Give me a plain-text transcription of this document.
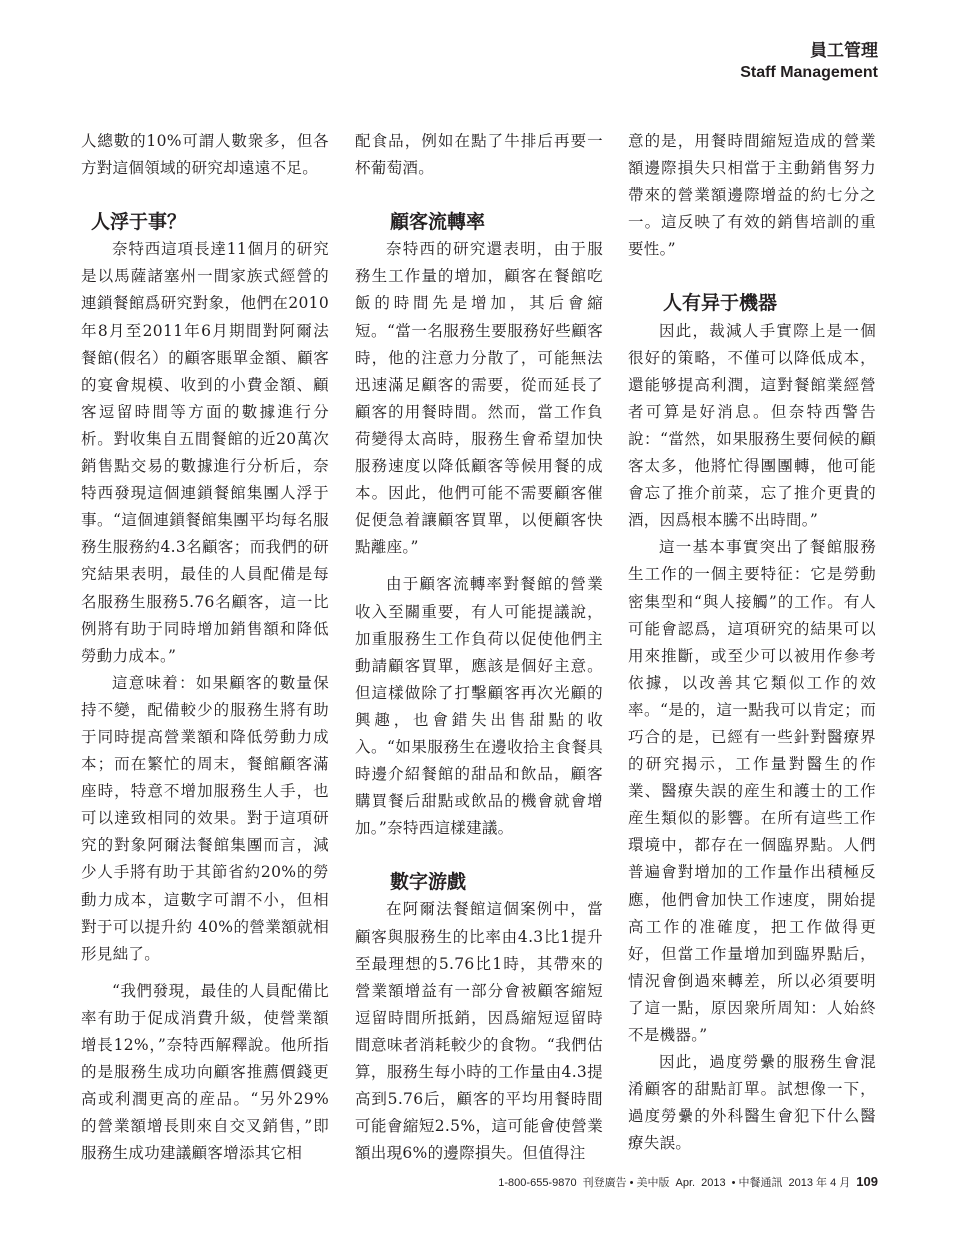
員工管理
Staff Management

人總數的10%可謂人數衆多，但各方對這個領域的研究却遠遠不足。

人浮于事？

奈特西這項長達11個月的研究是以馬薩諸塞州一間家族式經營的連鎖餐館爲研究對象，他們在2010年8月至2011年6月期間對阿爾法餐館(假名）的顧客賬單金額、顧客的宴會規模、收到的小費金額、顧客逗留時間等方面的數據進行分析。對收集自五間餐館的近20萬次銷售點交易的數據進行分析后，奈特西發現這個連鎖餐館集團人浮于事。“這個連鎖餐館集團平均每名服務生服務約4.3名顧客；而我們的研究結果表明，最佳的人員配備是每名服務生服務5.76名顧客，這一比例將有助于同時增加銷售額和降低勞動力成本。”

這意味着：如果顧客的數量保持不變，配備較少的服務生將有助于同時提高營業額和降低勞動力成本；而在繁忙的周末，餐館顧客滿座時，特意不增加服務生人手，也可以達致相同的效果。對于這項研究的對象阿爾法餐館集團而言，減少人手將有助于其節省約20%的勞動力成本，這數字可謂不小，但相對于可以提升約 40%的營業額就相形見絀了。

“我們發現，最佳的人員配備比率有助于促成消費升級，使營業額增長12%，”奈特西解釋說。他所指的是服務生成功向顧客推薦價錢更高或利潤更高的産品。“另外29%的營業額增長則來自交叉銷售，”即服務生成功建議顧客增添其它相

配食品，例如在點了牛排后再要一杯葡萄酒。

顧客流轉率

奈特西的研究還表明，由于服務生工作量的增加，顧客在餐館吃飯的時間先是增加，其后會縮短。“當一名服務生要服務好些顧客時，他的注意力分散了，可能無法迅速滿足顧客的需要，從而延長了顧客的用餐時間。然而，當工作負荷變得太高時，服務生會希望加快服務速度以降低顧客等候用餐的成本。因此，他們可能不需要顧客催促便急着讓顧客買單，以便顧客快點離座。”

由于顧客流轉率對餐館的營業收入至關重要，有人可能提議說，加重服務生工作負荷以促使他們主動請顧客買單，應該是個好主意。但這樣做除了打擊顧客再次光顧的興趣，也會錯失出售甜點的收入。“如果服務生在邊收拾主食餐具時邊介紹餐館的甜品和飲品，顧客購買餐后甜點或飲品的機會就會增加。”奈特西這樣建議。

數字游戲

在阿爾法餐館這個案例中，當顧客與服務生的比率由4.3比1提升至最理想的5.76比1時，其帶來的營業額增益有一部分會被顧客縮短逗留時間所抵銷，因爲縮短逗留時間意味者消耗較少的食物。“我們估算，服務生每小時的工作量由4.3提高到5.76后，顧客的平均用餐時間可能會縮短2.5%，這可能會使營業額出現6%的邊際損失。但值得注

意的是，用餐時間縮短造成的營業額邊際損失只相當于主動銷售努力帶來的營業額邊際增益的約七分之一。這反映了有效的銷售培訓的重要性。”

人有异于機器

因此，裁減人手實際上是一個很好的策略，不僅可以降低成本，還能够提高利潤，這對餐館業經營者可算是好消息。但奈特西警告說：“當然，如果服務生要伺候的顧客太多，他將忙得團團轉，他可能會忘了推介前菜，忘了推介更貴的酒，因爲根本騰不出時間。”

這一基本事實突出了餐館服務生工作的一個主要特征：它是勞動密集型和“與人接觸”的工作。有人可能會認爲，這項研究的結果可以用來推斷，或至少可以被用作參考依據，以改善其它類似工作的效率。“是的，這一點我可以肯定；而巧合的是，已經有一些針對醫療界的研究揭示，工作量對醫生的作業、醫療失誤的産生和護士的工作産生類似的影響。在所有這些工作環境中，都存在一個臨界點。人們普遍會對增加的工作量作出積極反應，他們會加快工作速度，開始提高工作的准確度，把工作做得更好，但當工作量增加到臨界點后，情況會倒過來轉差，所以必須要明了這一點，原因衆所周知：人始終不是機器。”

因此，過度勞纍的服務生會混淆顧客的甜點訂單。試想像一下，過度勞纍的外科醫生會犯下什么醫療失誤。

1-800-655-9870 刊登廣告 • 美中版 Apr. 2013 • 中餐通訊 2013 年 4 月 109
